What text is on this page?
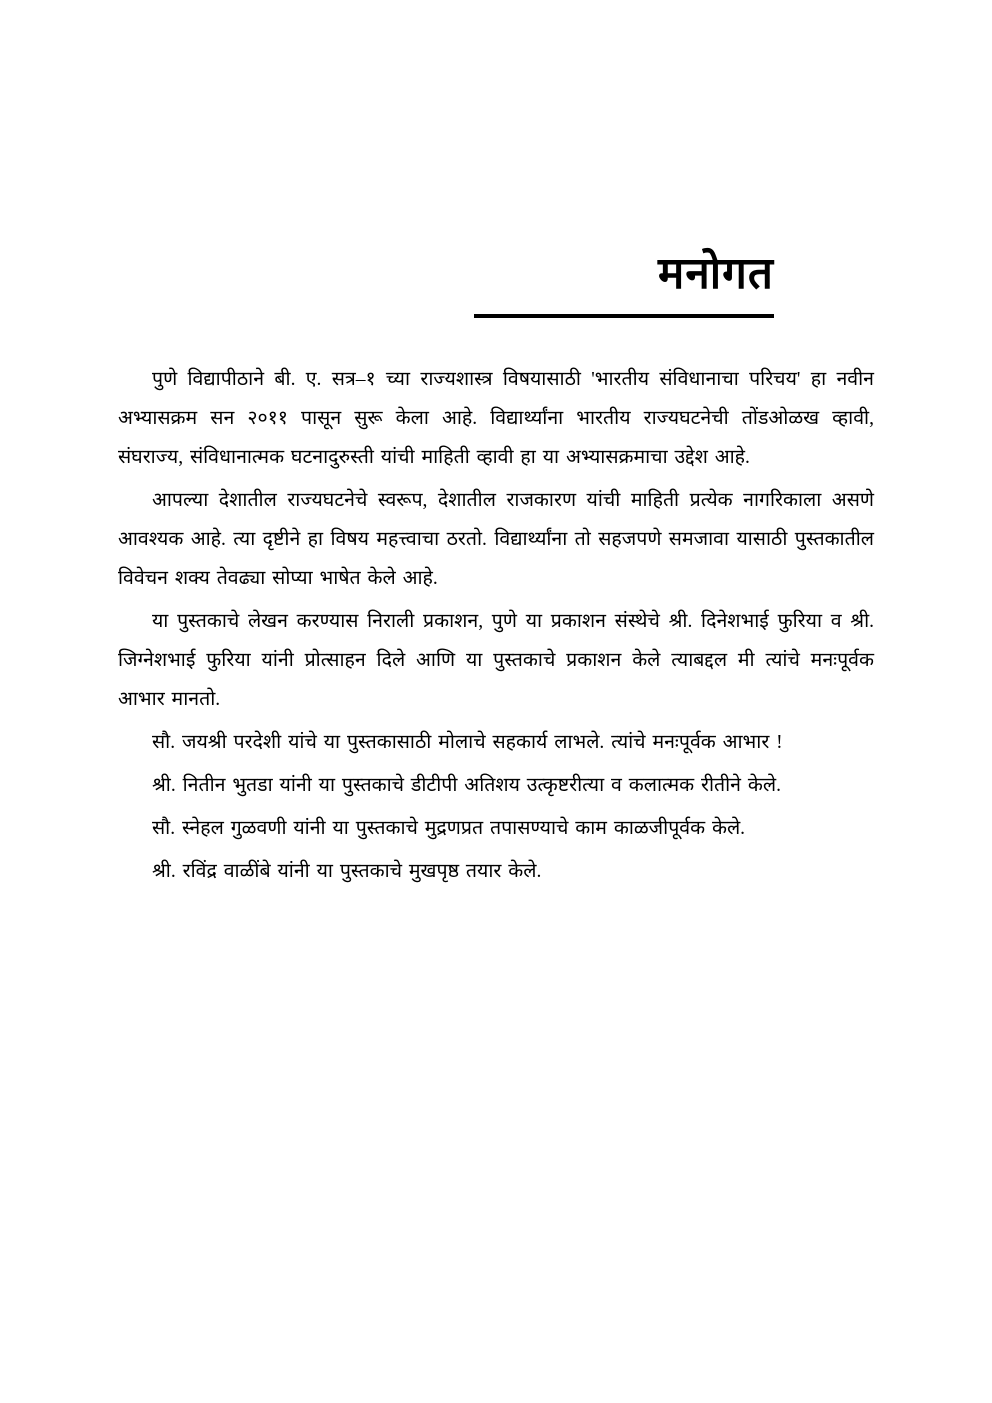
मनोगत

पुणे विद्यापीठाने बी. ए. सत्र–१ च्या राज्यशास्त्र विषयासाठी 'भारतीय संविधानाचा परिचय' हा नवीन अभ्यासक्रम सन २०११ पासून सुरू केला आहे. विद्यार्थ्यांना भारतीय राज्यघटनेची तोंडओळख व्हावी, संघराज्य, संविधानात्मक घटनादुरुस्ती यांची माहिती व्हावी हा या अभ्यासक्रमाचा उद्देश आहे.

आपल्या देशातील राज्यघटनेचे स्वरूप, देशातील राजकारण यांची माहिती प्रत्येक नागरिकाला असणे आवश्यक आहे. त्या दृष्टीने हा विषय महत्त्वाचा ठरतो. विद्यार्थ्यांना तो सहजपणे समजावा यासाठी पुस्तकातील विवेचन शक्य तेवढ्या सोप्या भाषेत केले आहे.

या पुस्तकाचे लेखन करण्यास निराली प्रकाशन, पुणे या प्रकाशन संस्थेचे श्री. दिनेशभाई फुरिया व श्री. जिग्नेशभाई फुरिया यांनी प्रोत्साहन दिले आणि या पुस्तकाचे प्रकाशन केले त्याबद्दल मी त्यांचे मनःपूर्वक आभार मानतो.

सौ. जयश्री परदेशी यांचे या पुस्तकासाठी मोलाचे सहकार्य लाभले. त्यांचे मनःपूर्वक आभार !

श्री. नितीन भुतडा यांनी या पुस्तकाचे डीटीपी अतिशय उत्कृष्टरीत्या व कलात्मक रीतीने केले.

सौ. स्नेहल गुळवणी यांनी या पुस्तकाचे मुद्रणप्रत तपासण्याचे काम काळजीपूर्वक केले.

श्री. रविंद्र वाळींबे यांनी या पुस्तकाचे मुखपृष्ठ तयार केले.
